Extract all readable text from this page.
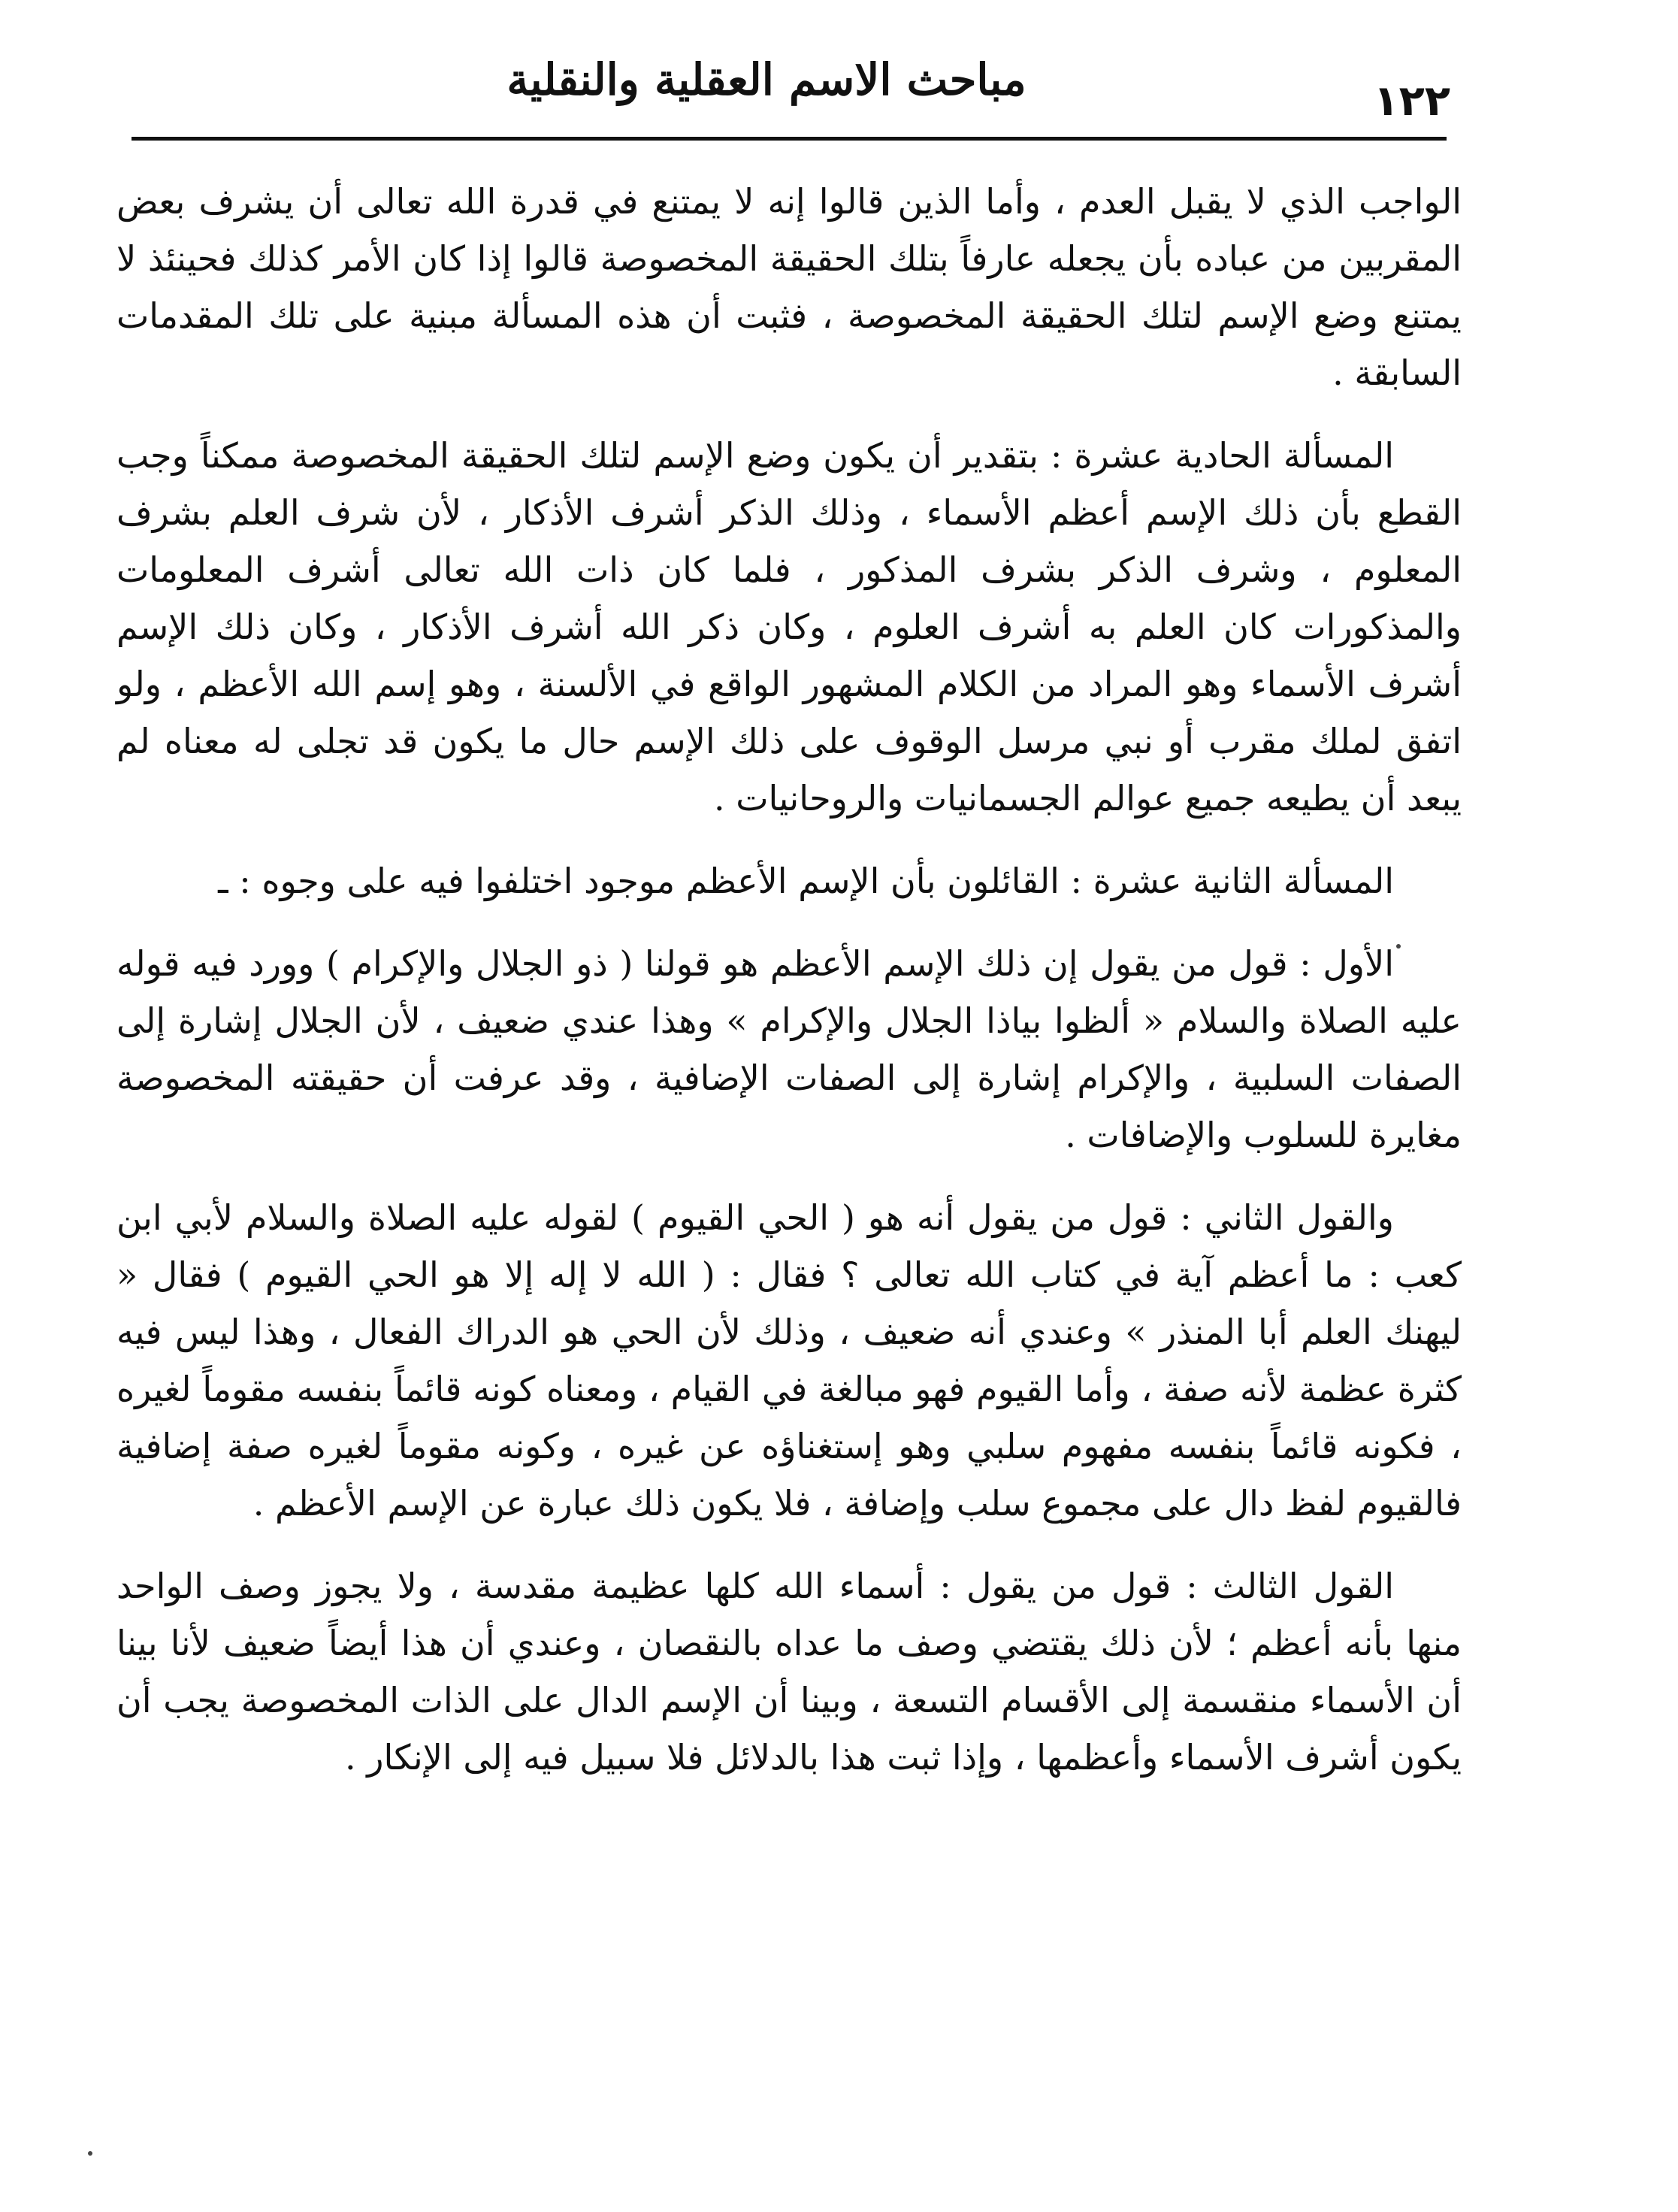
١٢٢
مباحث الاسم العقلية والنقلية

الواجب الذي لا يقبل العدم ، وأما الذين قالوا إنه لا يمتنع في قدرة الله تعالى أن يشرف بعض المقربين من عباده بأن يجعله عارفاً بتلك الحقيقة المخصوصة قالوا إذا كان الأمر كذلك فحينئذ لا يمتنع وضع الإسم لتلك الحقيقة المخصوصة ، فثبت أن هذه المسألة مبنية على تلك المقدمات السابقة .

المسألة الحادية عشرة : بتقدير أن يكون وضع الإسم لتلك الحقيقة المخصوصة ممكناً وجب القطع بأن ذلك الإسم أعظم الأسماء ، وذلك الذكر أشرف الأذكار ، لأن شرف العلم بشرف المعلوم ، وشرف الذكر بشرف المذكور ، فلما كان ذات الله تعالى أشرف المعلومات والمذكورات كان العلم به أشرف العلوم ، وكان ذكر الله أشرف الأذكار ، وكان ذلك الإسم أشرف الأسماء وهو المراد من الكلام المشهور الواقع في الألسنة ، وهو إسم الله الأعظم ، ولو اتفق لملك مقرب أو نبي مرسل الوقوف على ذلك الإسم حال ما يكون قد تجلى له معناه لم يبعد أن يطيعه جميع عوالم الجسمانيات والروحانيات .

المسألة الثانية عشرة : القائلون بأن الإسم الأعظم موجود اختلفوا فيه على وجوه : ـ

الأول : قول من يقول إن ذلك الإسم الأعظم هو قولنا ( ذو الجلال والإكرام ) وورد فيه قوله عليه الصلاة والسلام « ألظوا بياذا الجلال والإكرام » وهذا عندي ضعيف ، لأن الجلال إشارة إلى الصفات السلبية ، والإكرام إشارة إلى الصفات الإضافية ، وقد عرفت أن حقيقته المخصوصة مغايرة للسلوب والإضافات .

والقول الثاني : قول من يقول أنه هو ( الحي القيوم ) لقوله عليه الصلاة والسلام لأبي ابن كعب : ما أعظم آية في كتاب الله تعالى ؟ فقال : ( الله لا إله إلا هو الحي القيوم ) فقال « ليهنك العلم أبا المنذر » وعندي أنه ضعيف ، وذلك لأن الحي هو الدراك الفعال ، وهذا ليس فيه كثرة عظمة لأنه صفة ، وأما القيوم فهو مبالغة في القيام ، ومعناه كونه قائماً بنفسه مقوماً لغيره ، فكونه قائماً بنفسه مفهوم سلبي وهو إستغناؤه عن غيره ، وكونه مقوماً لغيره صفة إضافية فالقيوم لفظ دال على مجموع سلب وإضافة ، فلا يكون ذلك عبارة عن الإسم الأعظم .

القول الثالث : قول من يقول : أسماء الله كلها عظيمة مقدسة ، ولا يجوز وصف الواحد منها بأنه أعظم ؛ لأن ذلك يقتضي وصف ما عداه بالنقصان ، وعندي أن هذا أيضاً ضعيف لأنا بينا أن الأسماء منقسمة إلى الأقسام التسعة ، وبينا أن الإسم الدال على الذات المخصوصة يجب أن يكون أشرف الأسماء وأعظمها ، وإذا ثبت هذا بالدلائل فلا سبيل فيه إلى الإنكار .
